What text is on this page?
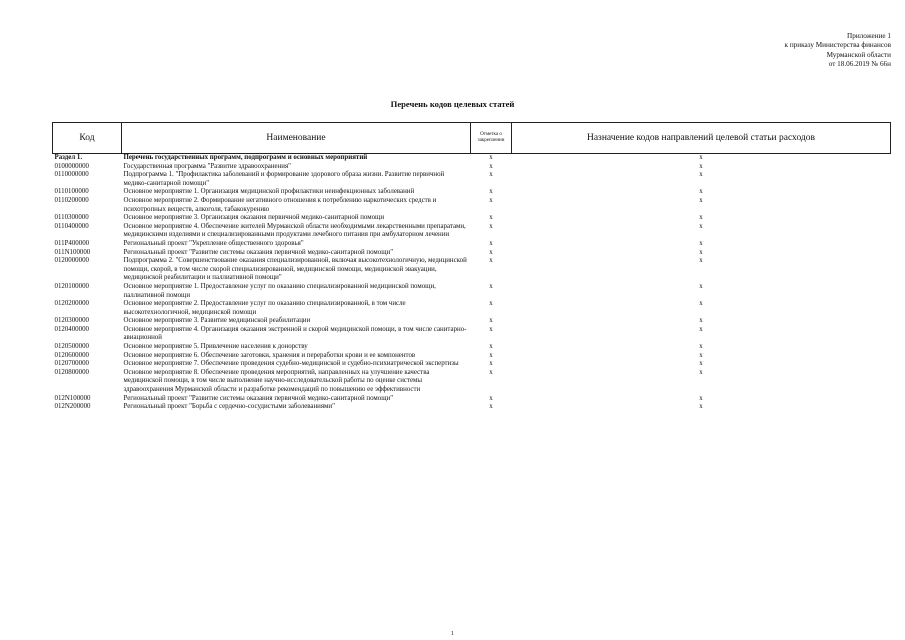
Приложение 1
к приказу Министерства финансов
Мурманской области
от 18.06.2019 № 66н
Перечень кодов целевых статей
Код	Наименование	Отметка о закреплении	Назначение кодов направлений целевой статьи расходов
Раздел 1.	Перечень государственных программ, подпрограмм и основных мероприятий	х	х
0100000000	Государственная программа "Развитие здравоохранения"	х	х
0110000000	Подпрограмма 1. "Профилактика заболеваний и формирование здорового образа жизни. Развитие первичной медико-санитарной помощи"	х	х
0110100000	Основное мероприятие 1. Организация медицинской профилактики неинфекционных заболеваний	х	х
0110200000	Основное мероприятие 2. Формирование негативного отношения к потреблению наркотических средств и психотропных веществ, алкоголя, табакокурению	х	х
0110300000	Основное мероприятие 3. Организация оказания первичной медико-санитарной помощи	х	х
0110400000	Основное мероприятие 4. Обеспечение жителей Мурманской области необходимыми лекарственными препаратами, медицинскими изделиями и специализированными продуктами лечебного питания при амбулаторном лечении	х	х
011P400000	Региональный проект "Укрепление общественного здоровья"	х	х
011N100000	Региональный проект "Развитие системы оказания первичной медико-санитарной помощи"	х	х
0120000000	Подпрограмма 2. "Совершенствование оказания специализированной, включая высокотехнологичную, медицинской помощи, скорой, в том числе скорой специализированной, медицинской помощи, медицинской эвакуации, медицинской реабилитации и паллиативной помощи"	х	х
0120100000	Основное мероприятие 1. Предоставление услуг по оказанию специализированной медицинской помощи, паллиативной помощи	х	х
0120200000	Основное мероприятие 2. Предоставление услуг по оказанию специализированной, в том числе высокотехнологичной, медицинской помощи	х	х
0120300000	Основное мероприятие 3. Развитие медицинской реабилитации	х	х
0120400000	Основное мероприятие 4. Организация оказания экстренной и скорой медицинской помощи, в том числе санитарно-авиационной	х	х
0120500000	Основное мероприятие 5. Привлечение населения к донорству	х	х
0120600000	Основное мероприятие 6. Обеспечение заготовки, хранения и переработки крови и ее компонентов	х	х
0120700000	Основное мероприятие 7. Обеспечение проведения судебно-медицинской и судебно-психиатрической экспертизы	х	х
0120800000	Основное мероприятие 8. Обеспечение проведения мероприятий, направленных на улучшение качества медицинской помощи, в том числе выполнение научно-исследовательской работы по оценке системы здравоохранения Мурманской области и разработке рекомендаций по повышению ее эффективности	х	х
012N100000	Региональный проект "Развитие системы оказания первичной медико-санитарной помощи"	х	х
012N200000	Региональный проект "Борьба с сердечно-сосудистыми заболеваниями"	х	х
1
